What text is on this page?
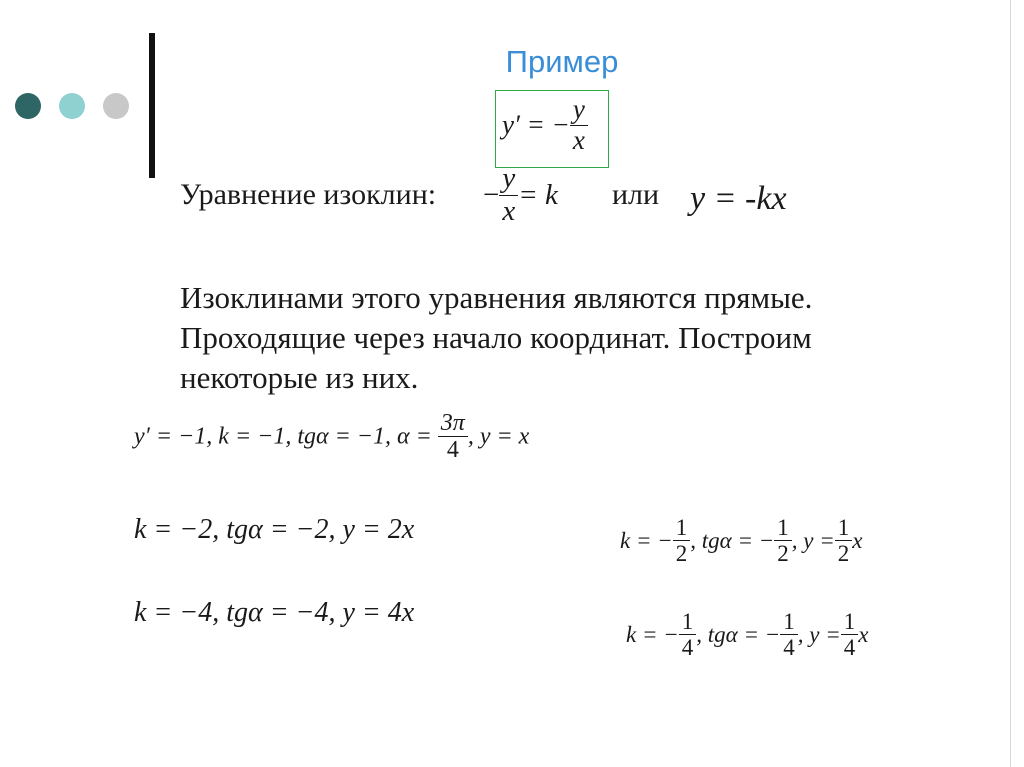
Пример
y′ = − $\frac{y}{x}$
Уравнение изоклин: − $\frac{y}{x} = k$ или y = -kx
Изоклинами этого уравнения являются прямые.
Проходящие через начало координат. Построим
некоторые из них.
y′ = −1, k = −1, tgα = −1, $\alpha = \frac{3\pi}{4}$ , y = x
k = −2, tgα = −2, y = 2x
k = −4, tgα = −4, y = 4x
k = − $\frac{1}{2}$ , tgα = − $\frac{1}{2}$ , $y = \frac{1}{2}$ x
k = − $\frac{1}{4}$ , tgα = − $\frac{1}{4}$ , $y = \frac{1}{4}$ x
